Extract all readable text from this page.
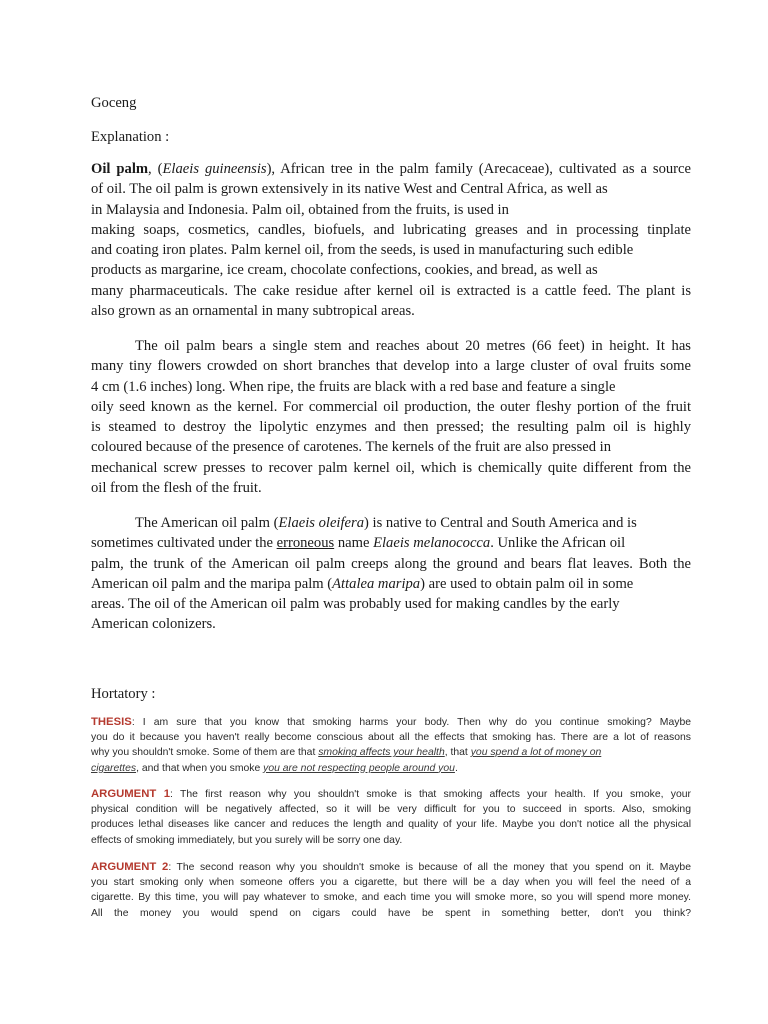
Goceng
Explanation :
Oil palm, (Elaeis guineensis), African tree in the palm family (Arecaceae), cultivated as a source
of oil. The oil palm is grown extensively in its native West and Central Africa, as well as
in Malaysia and Indonesia. Palm oil, obtained from the fruits, is used in
making soaps, cosmetics, candles, biofuels, and lubricating greases and in processing tinplate
and coating iron plates. Palm kernel oil, from the seeds, is used in manufacturing such edible
products as margarine, ice cream, chocolate confections, cookies, and bread, as well as
many pharmaceuticals. The cake residue after kernel oil is extracted is a cattle feed. The plant is
also grown as an ornamental in many subtropical areas.
The oil palm bears a single stem and reaches about 20 metres (66 feet) in height. It has
many tiny flowers crowded on short branches that develop into a large cluster of oval fruits some
4 cm (1.6 inches) long. When ripe, the fruits are black with a red base and feature a single
oily seed known as the kernel. For commercial oil production, the outer fleshy portion of the fruit
is steamed to destroy the lipolytic enzymes and then pressed; the resulting palm oil is highly
coloured because of the presence of carotenes. The kernels of the fruit are also pressed in
mechanical screw presses to recover palm kernel oil, which is chemically quite different from the
oil from the flesh of the fruit.
The American oil palm (Elaeis oleifera) is native to Central and South America and is
sometimes cultivated under the erroneous name Elaeis melanococca. Unlike the African oil
palm, the trunk of the American oil palm creeps along the ground and bears flat leaves. Both the
American oil palm and the maripa palm (Attalea maripa) are used to obtain palm oil in some
areas. The oil of the American oil palm was probably used for making candles by the early
American colonizers.
Hortatory :
THESIS: I am sure that you know that smoking harms your body. Then why do you continue smoking? Maybe
you do it because you haven't really become conscious about all the effects that smoking has. There are a lot of reasons
why you shouldn't smoke. Some of them are that smoking affects your health, that you spend a lot of money on
cigarettes, and that when you smoke you are not respecting people around you.
ARGUMENT 1: The first reason why you shouldn't smoke is that smoking affects your health. If you smoke, your
physical condition will be negatively affected, so it will be very difficult for you to succeed in sports. Also, smoking
produces lethal diseases like cancer and reduces the length and quality of your life. Maybe you don't notice all the physical
effects of smoking immediately, but you surely will be sorry one day.
ARGUMENT 2: The second reason why you shouldn't smoke is because of all the money that you spend on it. Maybe
you start smoking only when someone offers you a cigarette, but there will be a day when you will feel the need of a
cigarette. By this time, you will pay whatever to smoke, and each time you will smoke more, so you will spend more money.
All the money you would spend on cigars could have be spent in something better, don't you think?
